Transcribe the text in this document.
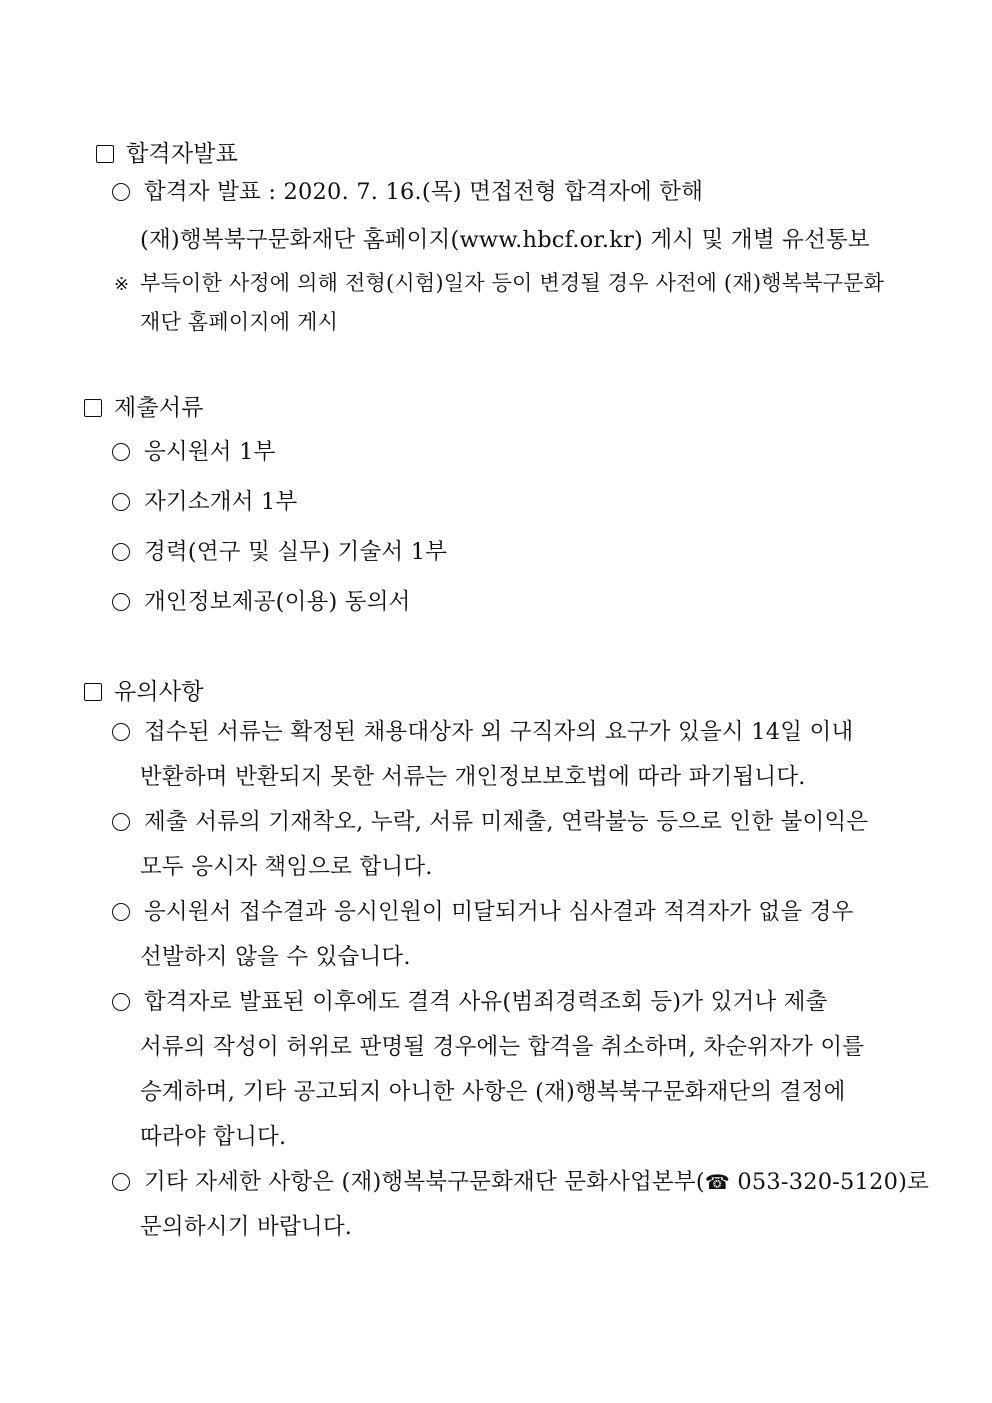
합격자발표
합격자 발표 : 2020. 7. 16.(목) 면접전형 합격자에 한해
(재)행복북구문화재단 홈페이지(www.hbcf.or.kr) 게시 및 개별 유선통보
※ 부득이한 사정에 의해 전형(시험)일자 등이 변경될 경우 사전에 (재)행복북구문화
재단 홈페이지에 게시
제출서류
응시원서 1부
자기소개서 1부
경력(연구 및 실무) 기술서 1부
개인정보제공(이용) 동의서
유의사항
접수된 서류는 확정된 채용대상자 외 구직자의 요구가 있을시 14일 이내
반환하며 반환되지 못한 서류는 개인정보보호법에 따라 파기됩니다.
제출 서류의 기재착오, 누락, 서류 미제출, 연락불능 등으로 인한 불이익은
모두 응시자 책임으로 합니다.
응시원서 접수결과 응시인원이 미달되거나 심사결과 적격자가 없을 경우
선발하지 않을 수 있습니다.
합격자로 발표된 이후에도 결격 사유(범죄경력조회 등)가 있거나 제출
서류의 작성이 허위로 판명될 경우에는 합격을 취소하며, 차순위자가 이를
승계하며, 기타 공고되지 아니한 사항은 (재)행복북구문화재단의 결정에
따라야 합니다.
기타 자세한 사항은 (재)행복북구문화재단 문화사업본부(☎ 053-320-5120)로
문의하시기 바랍니다.
